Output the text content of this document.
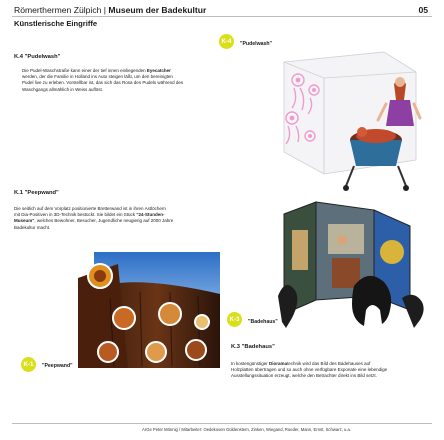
Römerthermen Zülpich | Museum der Badekultur	05
Künstlerische Eingriffe
K.4 "Pudelwash"
Die Pudel-Waschstraße kann einer der tief innen einliegenden Eyecatcher
werden, der die Familie in Holland ins Auto steigen läßt, um den bereinigten
Pudel live zu erleben. Vorstellbar ist, das sich das Rosa des Pudels während des
Waschgangs allmählich in Weiss auflöst.
K-4	"Pudelwash"
K.1 "Peepwand"
Die seitlich auf dem Vorplatz positionierte Bretterwand ist in ihren Astlöchern
mit Dia-Positiven in 3D-Technik bestückt. Sie bildet ein Stück "24-Stunden-
Museum", welches Bewohner, Besucher, Jugendliche neugierig auf 2000 Jahre
Badekultur macht.
K-1	"Peepwand"
K-3	"Badehaus"
K.3 "Badehaus"
In kostengünstiger Dioramatechnik wird das Bild des Badehauses auf
Holzplatten übertragen und so auch ohne verfügbare Exponate eine lebendige
Ausstellungssituation erzeugt, welche den Betrachter direkt ins Bild setzt.
ArGe Peter Mönnig / Mitarbeiter: Oedekoven Güldenstern, Zinken, Wiegand, Roeder, Mann, Ernst, Schwarz, u.a.
